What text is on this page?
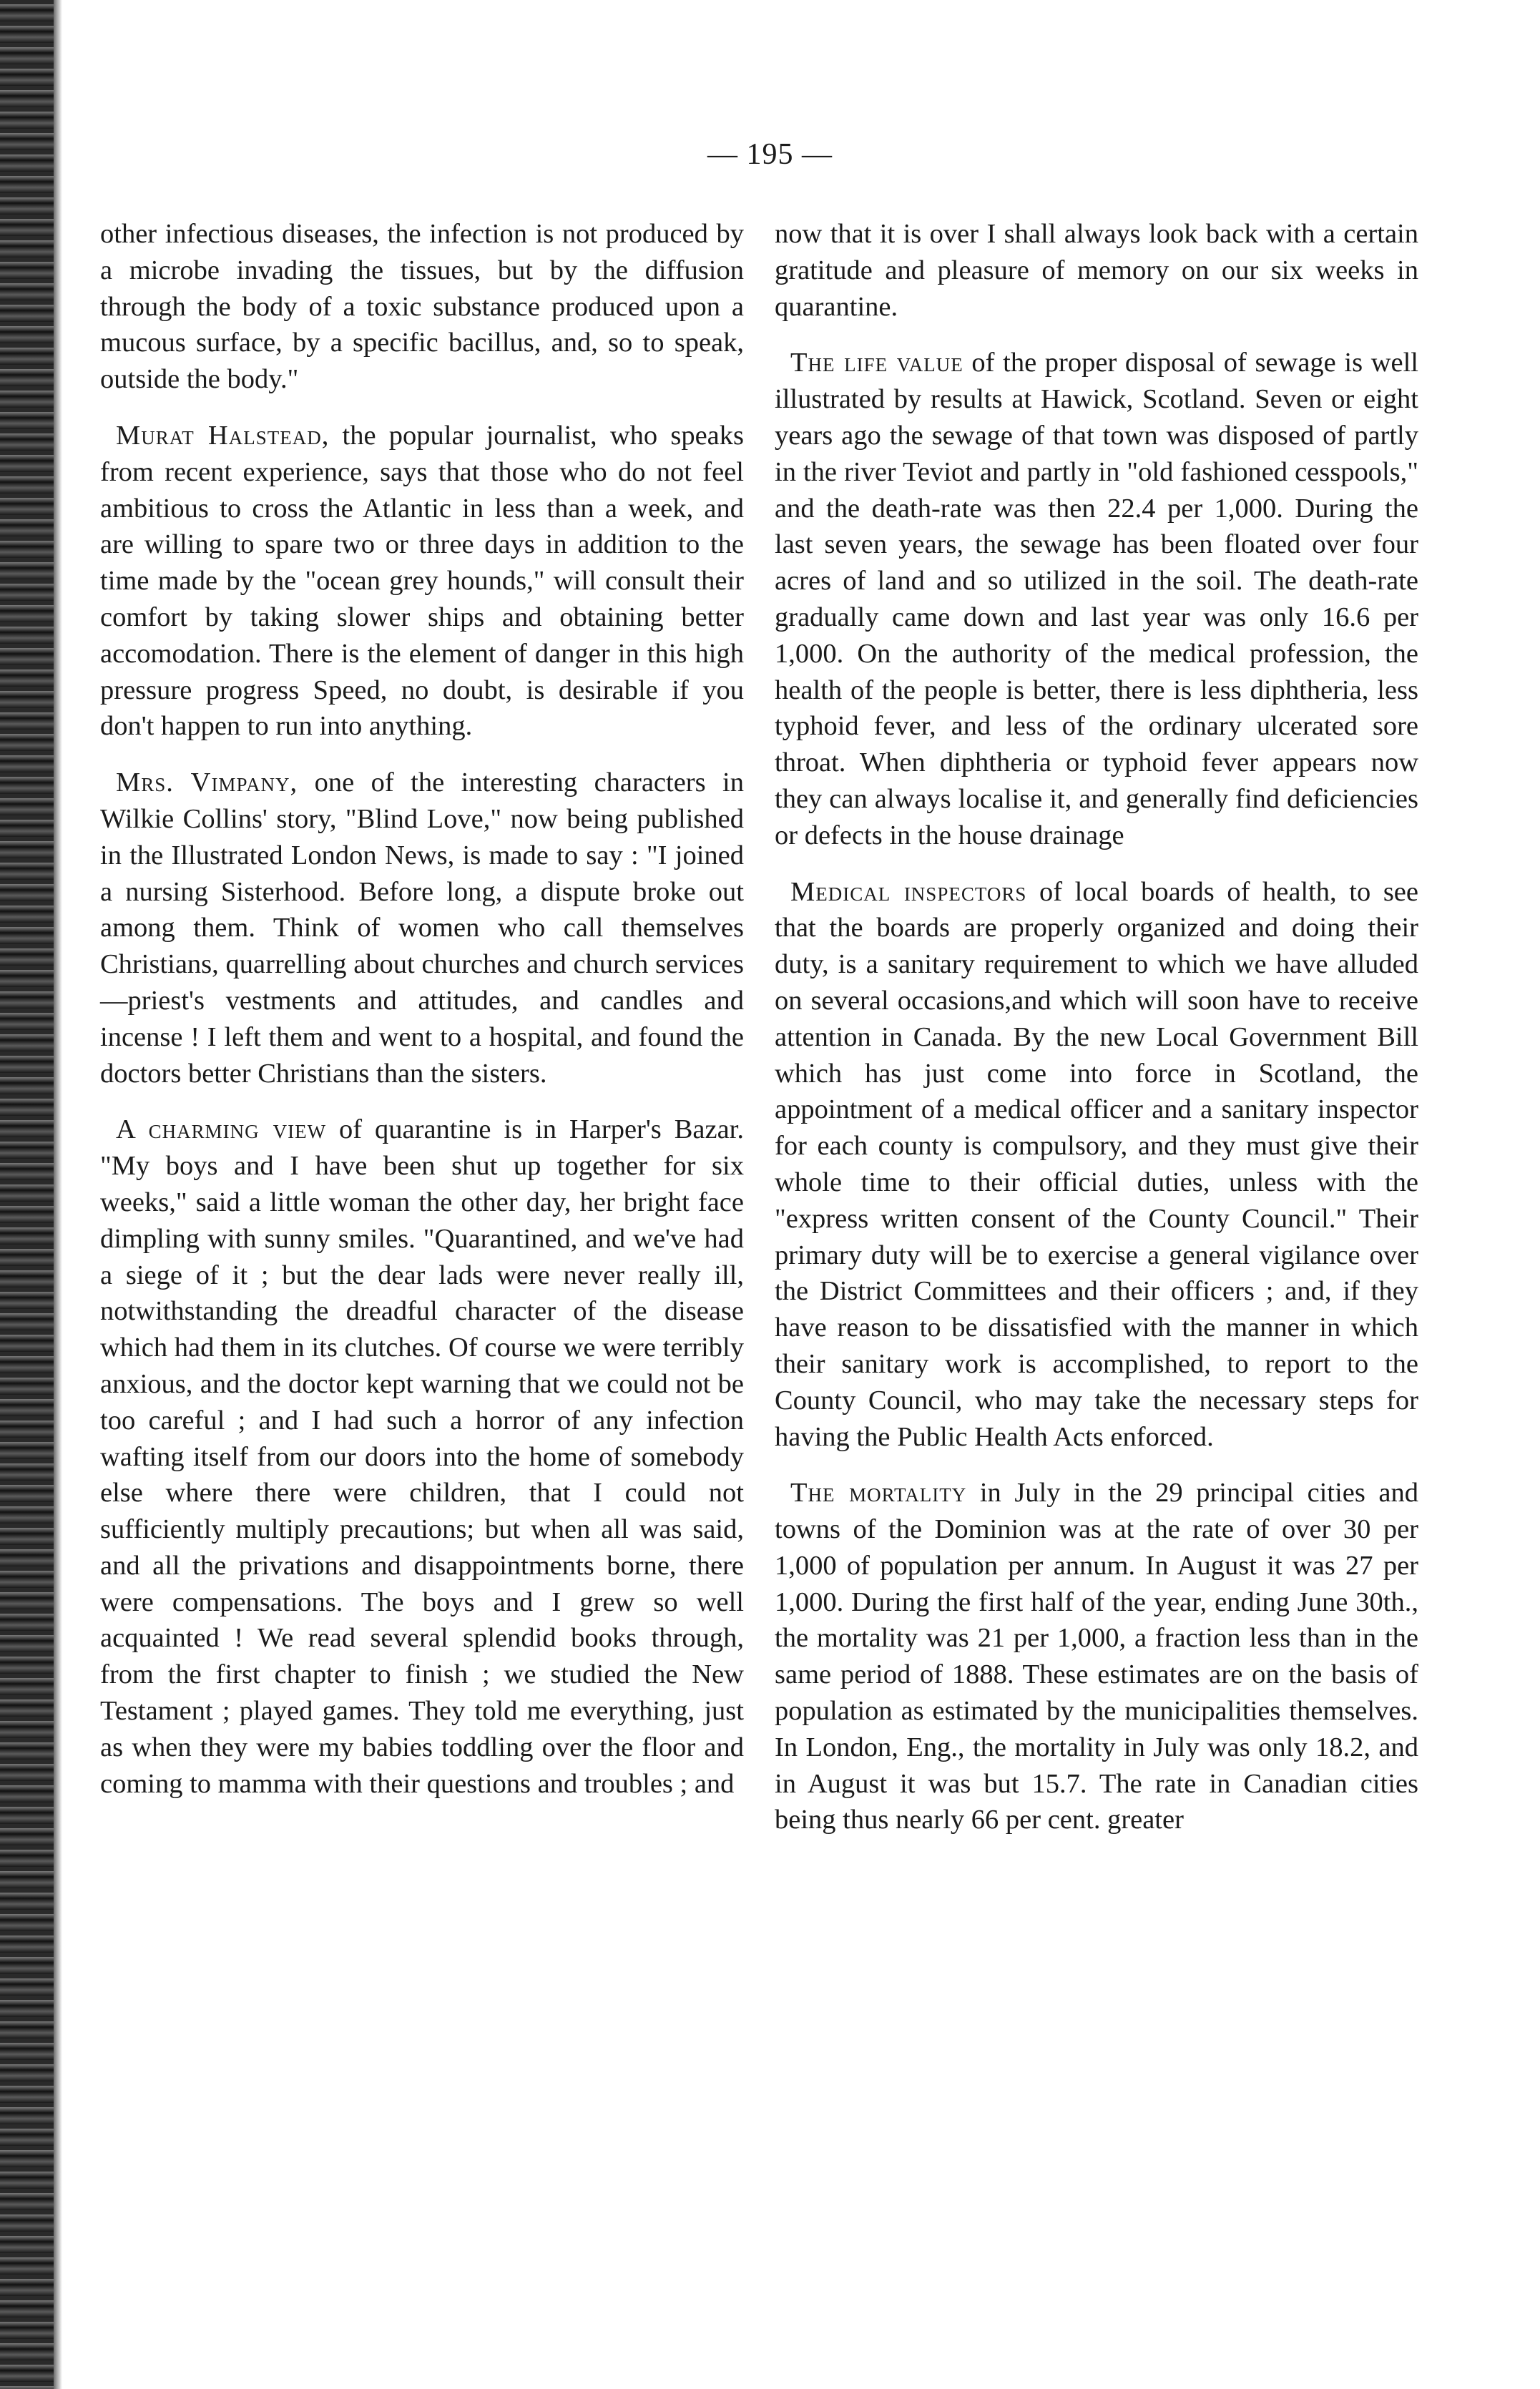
— 195 —

other infectious diseases, the infection is not produced by a microbe invading the tissues, but by the diffusion through the body of a toxic substance produced upon a mucous surface, by a specific bacillus, and, so to speak, outside the body."

Murat Halstead, the popular journalist, who speaks from recent experience, says that those who do not feel ambitious to cross the Atlantic in less than a week, and are willing to spare two or three days in addition to the time made by the "ocean grey hounds," will consult their comfort by taking slower ships and obtaining better accomodation. There is the element of danger in this high pressure progress Speed, no doubt, is desirable if you don't happen to run into anything.

Mrs. Vimpany, one of the interesting characters in Wilkie Collins' story, "Blind Love," now being published in the Illustrated London News, is made to say : "I joined a nursing Sisterhood. Before long, a dispute broke out among them. Think of women who call themselves Christians, quarrelling about churches and church services—priest's vestments and attitudes, and candles and incense ! I left them and went to a hospital, and found the doctors better Christians than the sisters.

A charming view of quarantine is in Harper's Bazar. "My boys and I have been shut up together for six weeks," said a little woman the other day, her bright face dimpling with sunny smiles. "Quarantined, and we've had a siege of it ; but the dear lads were never really ill, notwithstanding the dreadful character of the disease which had them in its clutches. Of course we were terribly anxious, and the doctor kept warning that we could not be too careful ; and I had such a horror of any infection wafting itself from our doors into the home of somebody else where there were children, that I could not sufficiently multiply precautions; but when all was said, and all the privations and disappointments borne, there were compensations. The boys and I grew so well acquainted ! We read several splendid books through, from the first chapter to finish ; we studied the New Testament ; played games. They told me everything, just as when they were my babies toddling over the floor and coming to mamma with their questions and troubles ; and

now that it is over I shall always look back with a certain gratitude and pleasure of memory on our six weeks in quarantine.

The life value of the proper disposal of sewage is well illustrated by results at Hawick, Scotland. Seven or eight years ago the sewage of that town was disposed of partly in the river Teviot and partly in "old fashioned cesspools," and the death-rate was then 22.4 per 1,000. During the last seven years, the sewage has been floated over four acres of land and so utilized in the soil. The death-rate gradually came down and last year was only 16.6 per 1,000. On the authority of the medical profession, the health of the people is better, there is less diphtheria, less typhoid fever, and less of the ordinary ulcerated sore throat. When diphtheria or typhoid fever appears now they can always localise it, and generally find deficiencies or defects in the house drainage

Medical inspectors of local boards of health, to see that the boards are properly organized and doing their duty, is a sanitary requirement to which we have alluded on several occasions,and which will soon have to receive attention in Canada. By the new Local Government Bill which has just come into force in Scotland, the appointment of a medical officer and a sanitary inspector for each county is compulsory, and they must give their whole time to their official duties, unless with the "express written consent of the County Council." Their primary duty will be to exercise a general vigilance over the District Committees and their officers ; and, if they have reason to be dissatisfied with the manner in which their sanitary work is accomplished, to report to the County Council, who may take the necessary steps for having the Public Health Acts enforced.

The mortality in July in the 29 principal cities and towns of the Dominion was at the rate of over 30 per 1,000 of population per annum. In August it was 27 per 1,000. During the first half of the year, ending June 30th., the mortality was 21 per 1,000, a fraction less than in the same period of 1888. These estimates are on the basis of population as estimated by the municipalities themselves. In London, Eng., the mortality in July was only 18.2, and in August it was but 15.7. The rate in Canadian cities being thus nearly 66 per cent. greater
